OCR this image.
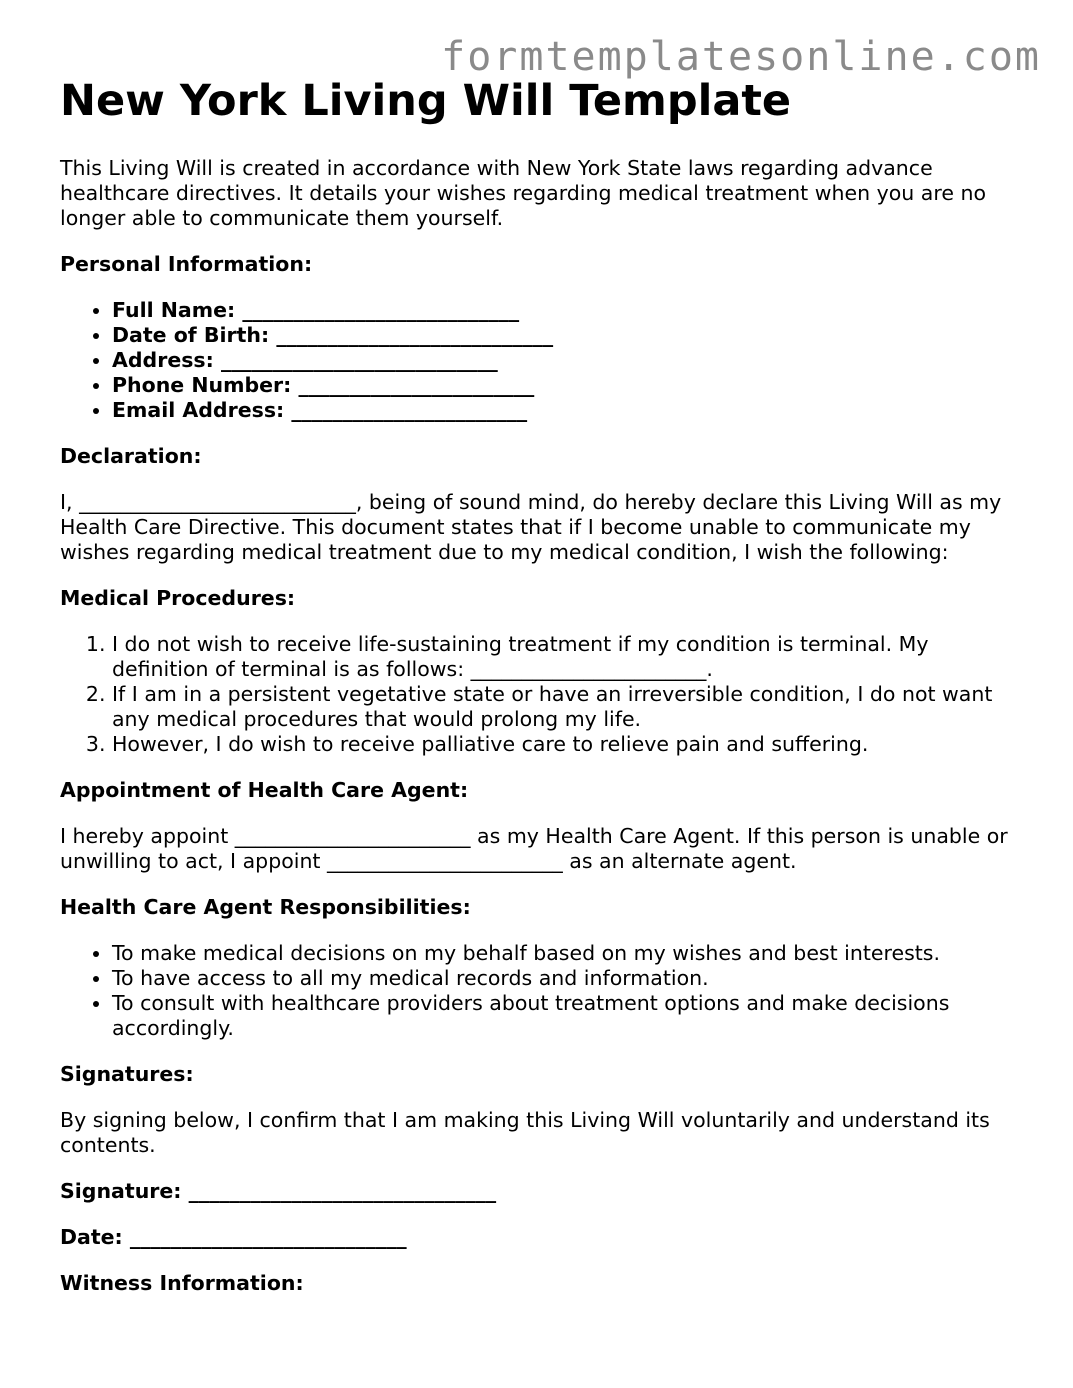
formtemplatesonline.com
New York Living Will Template

This Living Will is created in accordance with New York State laws regarding advance healthcare directives. It details your wishes regarding medical treatment when you are no longer able to communicate them yourself.

Personal Information:
• Full Name: ___________________________
• Date of Birth: ___________________________
• Address: ___________________________
• Phone Number: _______________________
• Email Address: _______________________
Declaration:

I, ___________________________, being of sound mind, do hereby declare this Living Will as my Health Care Directive. This document states that if I become unable to communicate my wishes regarding medical treatment due to my medical condition, I wish the following:

Medical Procedures:
1. I do not wish to receive life-sustaining treatment if my condition is terminal. My definition of terminal is as follows: _______________________.
2. If I am in a persistent vegetative state or have an irreversible condition, I do not want any medical procedures that would prolong my life.
3. However, I do wish to receive palliative care to relieve pain and suffering.
Appointment of Health Care Agent:

I hereby appoint _______________________ as my Health Care Agent. If this person is unable or unwilling to act, I appoint _______________________ as an alternate agent.

Health Care Agent Responsibilities:
• To make medical decisions on my behalf based on my wishes and best interests.
• To have access to all my medical records and information.
• To consult with healthcare providers about treatment options and make decisions accordingly.
Signatures:

By signing below, I confirm that I am making this Living Will voluntarily and understand its contents.

Signature: ______________________________
Date: ___________________________
Witness Information:
